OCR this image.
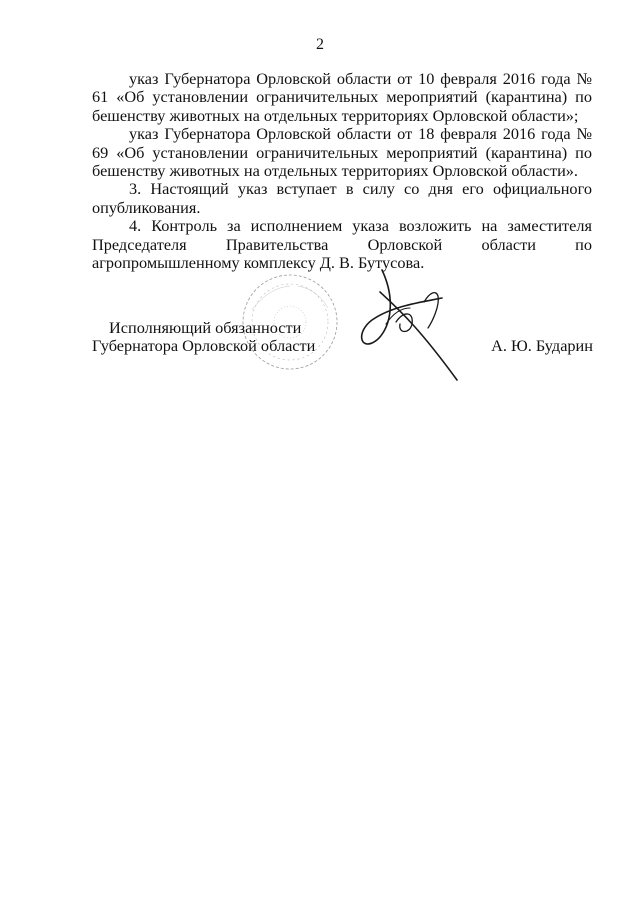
2

указ Губернатора Орловской области от 10 февраля 2016 года № 61 «Об установлении ограничительных мероприятий (карантина) по бешенству животных на отдельных территориях Орловской области»;

указ Губернатора Орловской области от 18 февраля 2016 года № 69 «Об установлении ограничительных мероприятий (карантина) по бешенству животных на отдельных территориях Орловской области».

3. Настоящий указ вступает в силу со дня его официального опубликования.

4. Контроль за исполнением указа возложить на заместителя Председателя Правительства Орловской области по агропромышленному комплексу Д. В. Бутусова.

Исполняющий обязанности
Губернатора Орловской области	А. Ю. Бударин
